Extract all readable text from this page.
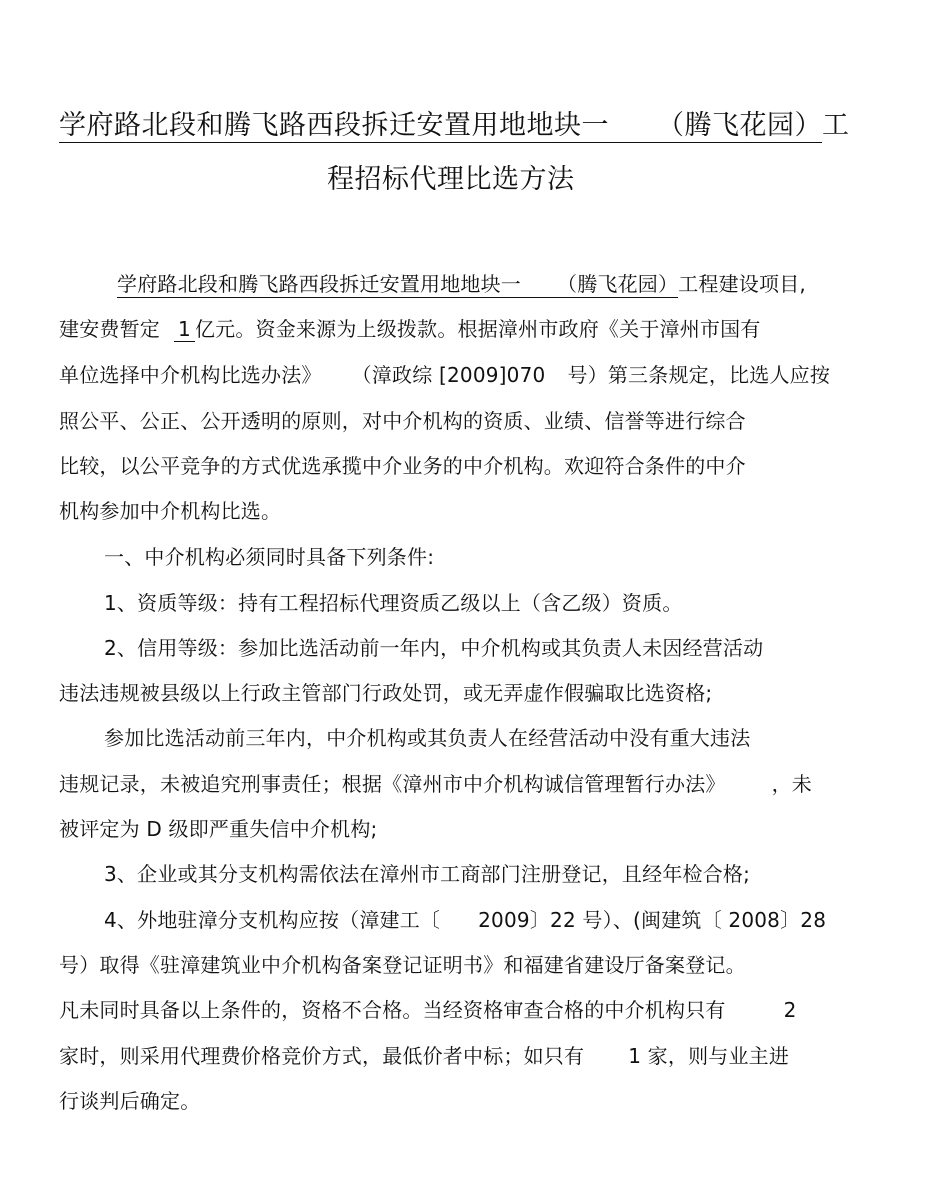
学府路北段和腾飞路西段拆迁安置用地地块一 （腾飞花园）工
程招标代理比选方法
学府路北段和腾飞路西段拆迁安置用地地块一 （腾飞花园）工程建设项目,
建安费暂定 1 亿元。资金来源为上级拨款。根据漳州市政府《关于漳州市国有
单位选择中介机构比选办法》 （漳政综 [2009]070 号）第三条规定，比选人应按
照公平、公正、公开透明的原则，对中介机构的资质、业绩、信誉等进行综合
比较，以公平竞争的方式优选承揽中介业务的中介机构。欢迎符合条件的中介
机构参加中介机构比选。
一、中介机构必须同时具备下列条件:
1、资质等级：持有工程招标代理资质乙级以上（含乙级）资质。
2、信用等级：参加比选活动前一年内，中介机构或其负责人未因经营活动
违法违规被县级以上行政主管部门行政处罚，或无弄虚作假骗取比选资格;
参加比选活动前三年内，中介机构或其负责人在经营活动中没有重大违法
违规记录，未被追究刑事责任；根据《漳州市中介机构诚信管理暂行办法》 ，未
被评定为 D 级即严重失信中介机构;
3、企业或其分支机构需依法在漳州市工商部门注册登记，且经年检合格;
4、外地驻漳分支机构应按（漳建工〔 2009〕22 号）、(闽建筑〔 2008〕28
号）取得《驻漳建筑业中介机构备案登记证明书》和福建省建设厅备案登记。
凡未同时具备以上条件的，资格不合格。当经资格审查合格的中介机构只有	2
家时，则采用代理费价格竞价方式，最低价者中标；如只有 1 家，则与业主进
行谈判后确定。
